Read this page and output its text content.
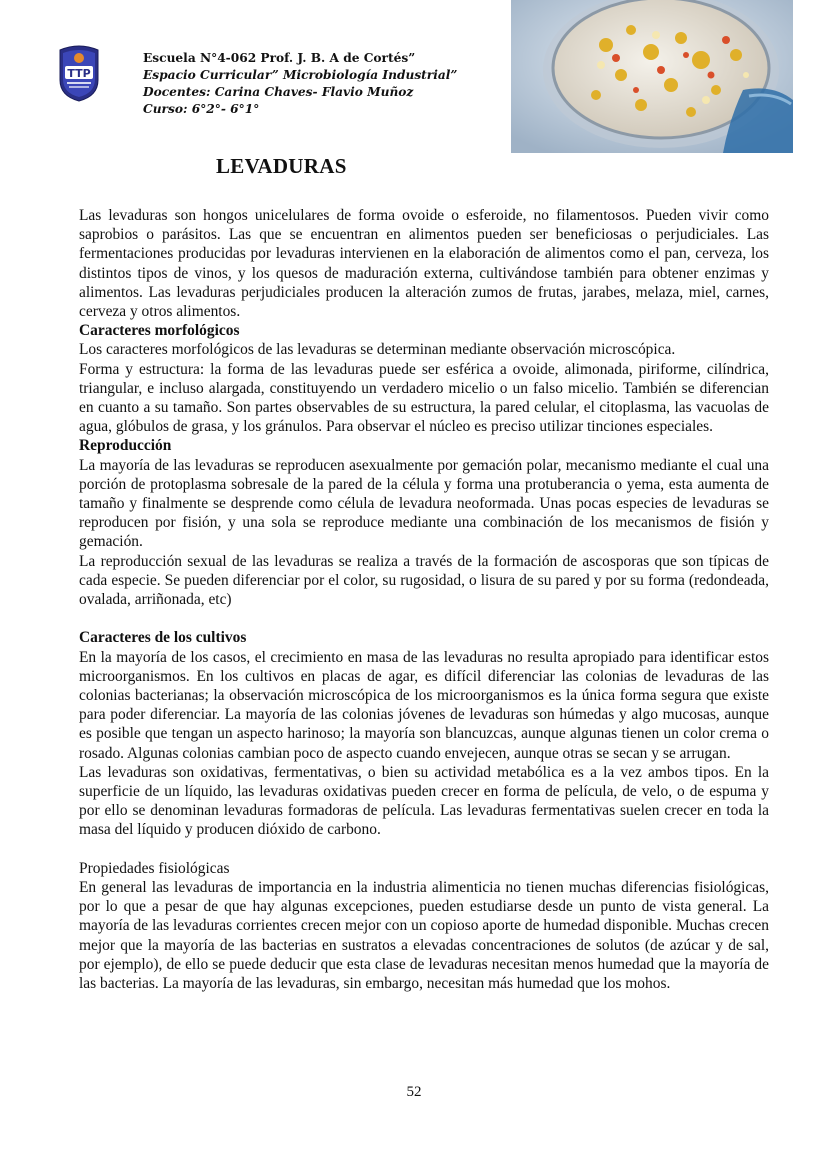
TTP
Escuela N°4-062 Prof. J. B. A de Cortés”
Espacio Curricular” Microbiología Industrial”
Docentes: Carina Chaves- Flavio Muñoz
Curso: 6°2°- 6°1°
LEVADURAS

Las levaduras son hongos unicelulares de forma ovoide o esferoide, no filamentosos. Pueden vivir como saprobios o parásitos. Las que se encuentran en alimentos pueden ser beneficiosas o perjudiciales. Las fermentaciones producidas por levaduras intervienen en la elaboración de alimentos como el pan, cerveza, los distintos tipos de vinos, y los quesos de maduración externa, cultivándose también para obtener enzimas y alimentos. Las levaduras perjudiciales producen la alteración zumos de frutas, jarabes, melaza, miel, carnes, cerveza y otros alimentos.

Caracteres morfológicos

Los caracteres morfológicos de las levaduras se determinan mediante observación microscópica.

Forma y estructura: la forma de las levaduras puede ser esférica a ovoide, alimonada, piriforme, cilíndrica, triangular, e incluso alargada, constituyendo un verdadero micelio o un falso micelio. También se diferencian en cuanto a su tamaño. Son partes observables de su estructura, la pared celular, el citoplasma, las vacuolas de agua, glóbulos de grasa, y los gránulos. Para observar el núcleo es preciso utilizar tinciones especiales.

Reproducción

La mayoría de las levaduras se reproducen asexualmente por gemación polar, mecanismo mediante el cual una porción de protoplasma sobresale de la pared de la célula y forma una protuberancia o yema, esta aumenta de tamaño y finalmente se desprende como célula de levadura neoformada. Unas pocas especies de levaduras se reproducen por fisión, y una sola se reproduce mediante una combinación de los mecanismos de fisión y gemación.

La reproducción sexual de las levaduras se realiza a través de la formación de ascosporas que son típicas de cada especie. Se pueden diferenciar por el color, su rugosidad, o lisura de su pared y por su forma (redondeada, ovalada, arriñonada, etc)

Caracteres de los cultivos

En la mayoría de los casos, el crecimiento en masa de las levaduras no resulta apropiado para identificar estos microorganismos. En los cultivos en placas de agar, es difícil diferenciar las colonias de levaduras de las colonias bacterianas; la observación microscópica de los microorganismos es la única forma segura que existe para poder diferenciar. La mayoría de las colonias jóvenes de levaduras son húmedas y algo mucosas, aunque es posible que tengan un aspecto harinoso; la mayoría son blancuzcas, aunque algunas tienen un color crema o rosado. Algunas colonias cambian poco de aspecto cuando envejecen, aunque otras se secan y se arrugan.

Las levaduras son oxidativas, fermentativas, o bien su actividad metabólica es a la vez ambos tipos. En la superficie de un líquido, las levaduras oxidativas pueden crecer en forma de película, de velo, o de espuma y por ello se denominan levaduras formadoras de película. Las levaduras fermentativas suelen crecer en toda la masa del líquido y producen dióxido de carbono.

Propiedades fisiológicas

En general las levaduras de importancia en la industria alimenticia no tienen muchas diferencias fisiológicas, por lo que a pesar de que hay algunas excepciones, pueden estudiarse desde un punto de vista general. La mayoría de las levaduras corrientes crecen mejor con un copioso aporte de humedad disponible. Muchas crecen mejor que la mayoría de las bacterias en sustratos a elevadas concentraciones de solutos (de azúcar y de sal, por ejemplo), de ello se puede deducir que esta clase de levaduras necesitan menos humedad que la mayoría de las bacterias. La mayoría de las levaduras, sin embargo, necesitan más humedad que los mohos.

52
